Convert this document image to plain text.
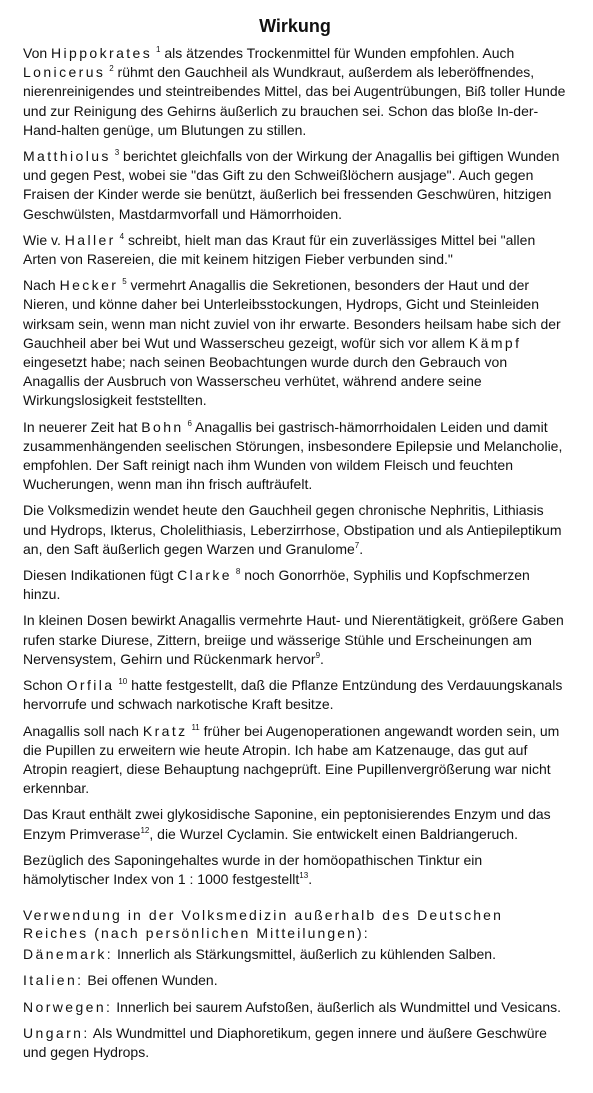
Wirkung

Von Hippokrates $^1$ als ätzendes Trockenmittel für Wunden empfohlen. Auch Lonicerus $^2$ rühmt den Gauchheil als Wundkraut, außerdem als leberöffnendes, nierenreinigendes und steintreibendes Mittel, das bei Augentrübungen, Biß toller Hunde und zur Reinigung des Gehirns äußerlich zu brauchen sei. Schon das bloße In-der-Hand-halten genüge, um Blutungen zu stillen.

Matthiolus $^3$ berichtet gleichfalls von der Wirkung der Anagallis bei giftigen Wunden und gegen Pest, wobei sie "das Gift zu den Schweißlöchern ausjage". Auch gegen Fraisen der Kinder werde sie benützt, äußerlich bei fressenden Geschwüren, hitzigen Geschwülsten, Mastdarmvorfall und Hämorrhoiden.

Wie v. Haller $^4$ schreibt, hielt man das Kraut für ein zuverlässiges Mittel bei "allen Arten von Rasereien, die mit keinem hitzigen Fieber verbunden sind."

Nach Hecker $^5$ vermehrt Anagallis die Sekretionen, besonders der Haut und der Nieren, und könne daher bei Unterleibsstockungen, Hydrops, Gicht und Steinleiden wirksam sein, wenn man nicht zuviel von ihr erwarte. Besonders heilsam habe sich der Gauchheil aber bei Wut und Wasserscheu gezeigt, wofür sich vor allem Kämpf eingesetzt habe; nach seinen Beobachtungen wurde durch den Gebrauch von Anagallis der Ausbruch von Wasserscheu verhütet, während andere seine Wirkungslosigkeit feststellten.

In neuerer Zeit hat Bohn $^6$ Anagallis bei gastrisch-hämorrhoidalen Leiden und damit zusammenhängenden seelischen Störungen, insbesondere Epilepsie und Melancholie, empfohlen. Der Saft reinigt nach ihm Wunden von wildem Fleisch und feuchten Wucherungen, wenn man ihn frisch aufträufelt.

Die Volksmedizin wendet heute den Gauchheil gegen chronische Nephritis, Lithiasis und Hydrops, Ikterus, Cholelithiasis, Leberzirrhose, Obstipation und als Antiepileptikum an, den Saft äußerlich gegen Warzen und Granulome$^7$.

Diesen Indikationen fügt Clarke $^8$ noch Gonorrhöe, Syphilis und Kopfschmerzen hinzu.

In kleinen Dosen bewirkt Anagallis vermehrte Haut- und Nierentätigkeit, größere Gaben rufen starke Diurese, Zittern, breiige und wässerige Stühle und Erscheinungen am Nervensystem, Gehirn und Rückenmark hervor$^9$.

Schon Orfila $^{10}$ hatte festgestellt, daß die Pflanze Entzündung des Verdauungskanals hervorrufe und schwach narkotische Kraft besitze.

Anagallis soll nach Kratz $^{11}$ früher bei Augenoperationen angewandt worden sein, um die Pupillen zu erweitern wie heute Atropin. Ich habe am Katzenauge, das gut auf Atropin reagiert, diese Behauptung nachgeprüft. Eine Pupillenvergrößerung war nicht erkennbar.

Das Kraut enthält zwei glykosidische Saponine, ein peptonisierendes Enzym und das Enzym Primverase$^{12}$, die Wurzel Cyclamin. Sie entwickelt einen Baldriangeruch.

Bezüglich des Saponingehaltes wurde in der homöopathischen Tinktur ein hämolytischer Index von 1 : 1000 festgestellt$^{13}$.

Verwendung in der Volksmedizin außerhalb des Deutschen Reiches (nach persönlichen Mitteilungen):

Dänemark: Innerlich als Stärkungsmittel, äußerlich zu kühlenden Salben.

Italien: Bei offenen Wunden.

Norwegen: Innerlich bei saurem Aufstoßen, äußerlich als Wundmittel und Vesicans.

Ungarn: Als Wundmittel und Diaphoretikum, gegen innere und äußere Geschwüre und gegen Hydrops.
